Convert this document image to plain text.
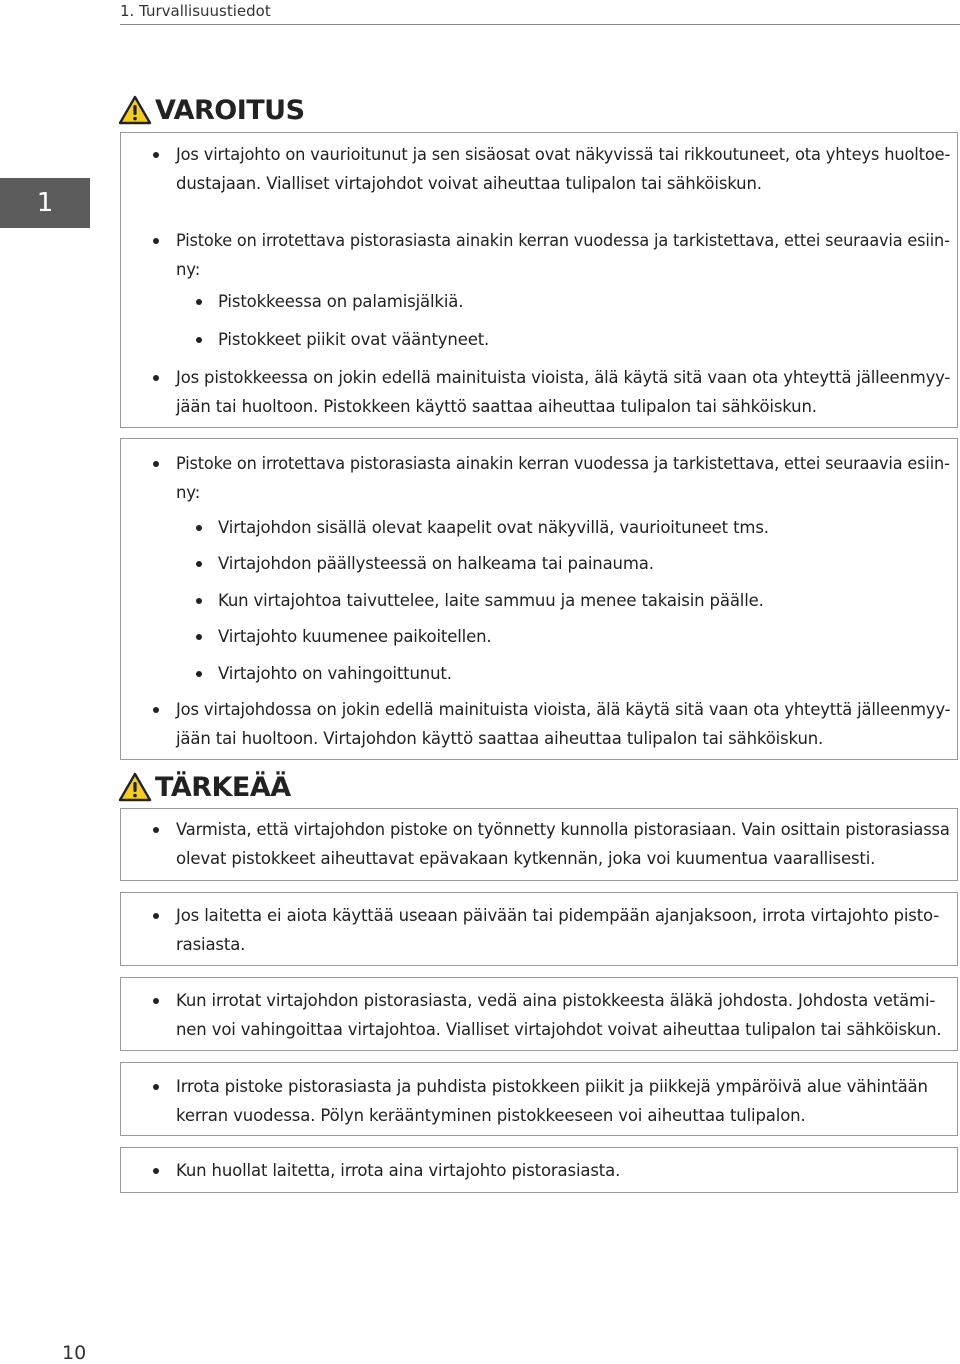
1. Turvallisuustiedot
1
VAROITUS
Jos virtajohto on vaurioitunut ja sen sisäosat ovat näkyvissä tai rikkoutuneet, ota yhteys huoltoe-
dustajaan. Vialliset virtajohdot voivat aiheuttaa tulipalon tai sähköiskun.
Pistoke on irrotettava pistorasiasta ainakin kerran vuodessa ja tarkistettava, ettei seuraavia esiin-
ny:
Pistokkeessa on palamisjälkiä.
Pistokkeet piikit ovat vääntyneet.
Jos pistokkeessa on jokin edellä mainituista vioista, älä käytä sitä vaan ota yhteyttä jälleenmyy-
jään tai huoltoon. Pistokkeen käyttö saattaa aiheuttaa tulipalon tai sähköiskun.
Pistoke on irrotettava pistorasiasta ainakin kerran vuodessa ja tarkistettava, ettei seuraavia esiin-
ny:
Virtajohdon sisällä olevat kaapelit ovat näkyvillä, vaurioituneet tms.
Virtajohdon päällysteessä on halkeama tai painauma.
Kun virtajohtoa taivuttelee, laite sammuu ja menee takaisin päälle.
Virtajohto kuumenee paikoitellen.
Virtajohto on vahingoittunut.
Jos virtajohdossa on jokin edellä mainituista vioista, älä käytä sitä vaan ota yhteyttä jälleenmyy-
jään tai huoltoon. Virtajohdon käyttö saattaa aiheuttaa tulipalon tai sähköiskun.
TÄRKEÄÄ
Varmista, että virtajohdon pistoke on työnnetty kunnolla pistorasiaan. Vain osittain pistorasiassa
olevat pistokkeet aiheuttavat epävakaan kytkennän, joka voi kuumentua vaarallisesti.
Jos laitetta ei aiota käyttää useaan päivään tai pidempään ajanjaksoon, irrota virtajohto pisto-
rasiasta.
Kun irrotat virtajohdon pistorasiasta, vedä aina pistokkeesta äläkä johdosta. Johdosta vetämi-
nen voi vahingoittaa virtajohtoa. Vialliset virtajohdot voivat aiheuttaa tulipalon tai sähköiskun.
Irrota pistoke pistorasiasta ja puhdista pistokkeen piikit ja piikkejä ympäröivä alue vähintään
kerran vuodessa. Pölyn kerääntyminen pistokkeeseen voi aiheuttaa tulipalon.
Kun huollat laitetta, irrota aina virtajohto pistorasiasta.
10
